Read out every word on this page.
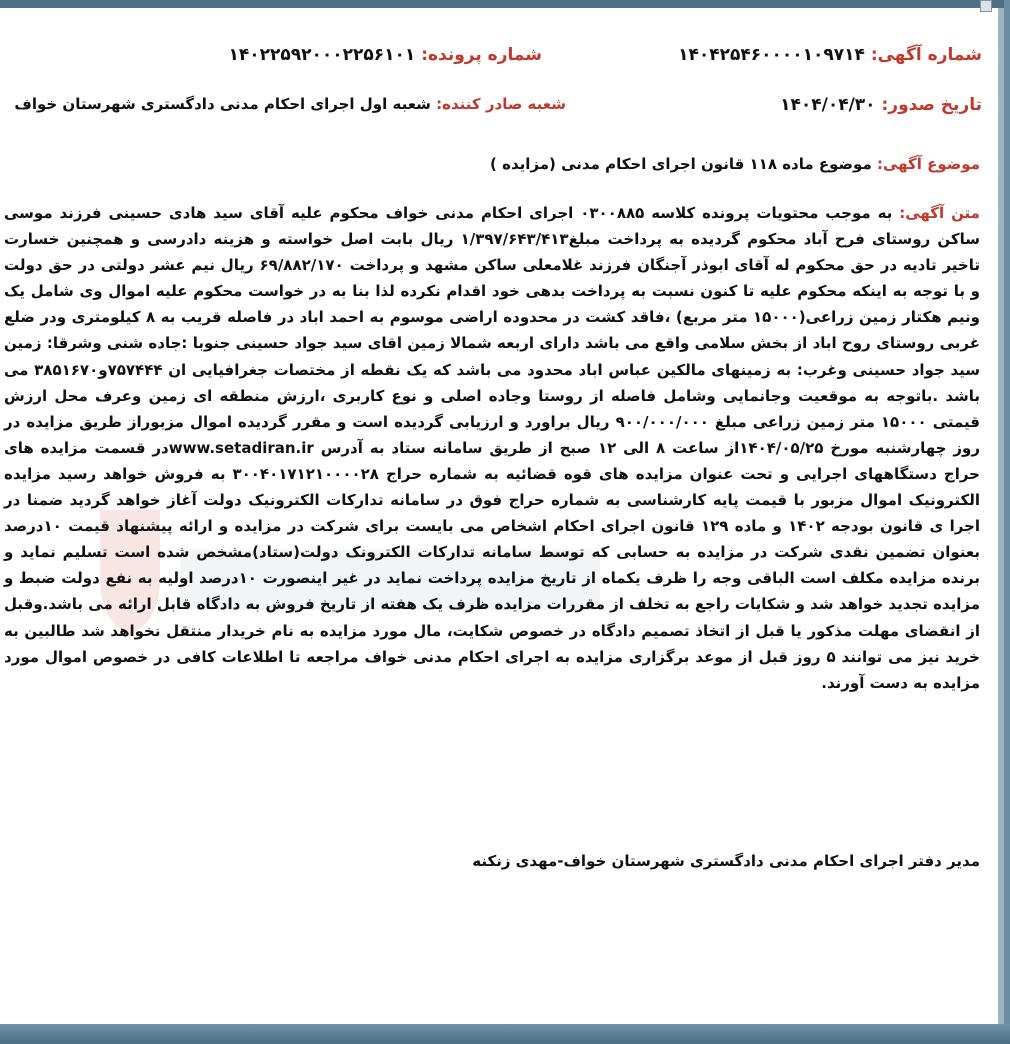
شماره آگهی: ۱۴۰۴۲۵۴۶۰۰۰۰۱۰۹۷۱۴
شماره پرونده: ۱۴۰۲۲۵۹۲۰۰۰۲۲۵۶۱۰۱
تاریخ صدور: ۱۴۰۴/۰۴/۳۰
شعبه صادر کننده: شعبه اول اجرای احکام مدنی دادگستری شهرستان خواف
موضوع آگهی: موضوع ماده ۱۱۸ قانون اجرای احکام مدنی (مزایده )
متن آگهی: به موجب محتویات پرونده کلاسه ۰۳۰۰۸۸۵ اجرای احکام مدنی خواف محکوم علیه آقای سید هادی حسینی فرزند موسی ساکن روستای فرح آباد محکوم گردیده به پرداخت مبلغ۱/۳۹۷/۶۴۳/۴۱۳ ریال بابت اصل خواسته و هزینه دادرسی و همچنین خسارت تاخیر تادیه در حق محکوم له آقای ابوذر آجنگان فرزند غلامعلی ساکن مشهد و پرداخت ۶۹/۸۸۲/۱۷۰ ریال نیم عشر دولتی در حق دولت و با توجه به اینکه محکوم علیه تا کنون نسبت به پرداخت بدهی خود اقدام نکرده لذا بنا به در خواست محکوم علیه اموال وی شامل یک ونیم هکتار زمین زراعی(۱۵۰۰۰ متر مربع) ،فاقد کشت در محدوده اراضی موسوم به احمد اباد در فاصله قریب به ۸ کیلومتری ودر ضلع غربی روستای روح اباد از بخش سلامی واقع می باشد دارای اربعه شمالا زمین اقای سید جواد حسینی جنوبا :جاده شنی وشرقا: زمین سید جواد حسینی وغرب: به زمینهای مالکین عباس اباد محدود می باشد که یک نقطه از مختصات جغرافیایی ان ۷۵۷۴۴۴و۳۸۵۱۶۷۰ می باشد .باتوجه به موقعیت وجانمایی وشامل فاصله از روستا وجاده اصلی و نوع کاربری ،ارزش منطقه ای زمین وعرف محل ارزش قیمتی ۱۵۰۰۰ متر زمین زراعی مبلغ ۹۰۰/۰۰۰/۰۰۰ ریال براورد و ارزیابی گردیده است و مقرر گردیده اموال مزبوراز طریق مزایده در روز چهارشنبه مورخ ۱۴۰۴/۰۵/۲۵از ساعت ۸ الی ۱۲ صبح از طریق سامانه ستاد به آدرس www.setadiran.irدر قسمت مزایده های حراج دستگاههای اجرایی و تحت عنوان مزایده های قوه قضائیه به شماره حراج ۳۰۰۴۰۱۷۱۲۱۰۰۰۰۲۸ به فروش خواهد رسید مزایده الکترونیک اموال مزبور با قیمت پایه کارشناسی به شماره حراج فوق در سامانه تدارکات الکترونیک دولت آغاز خواهد گردید ضمنا در اجرا ی قانون بودجه ۱۴۰۲ و ماده ۱۲۹ قانون اجرای احکام اشخاص می بایست برای شرکت در مزایده و ارائه پیشنهاد قیمت ۱۰درصد بعنوان تضمین نقدی شرکت در مزایده به حسابی که توسط سامانه تدارکات الکترونک دولت(ستاد)مشخص شده است تسلیم نماید و برنده مزایده مکلف است الباقی وجه را ظرف یکماه از تاریخ مزایده پرداخت نماید در غیر اینصورت ۱۰درصد اولیه به نفع دولت ضبط و مزایده تجدید خواهد شد و شکایات راجع به تخلف از مقررات مزایده ظرف یک هفته از تاریخ فروش به دادگاه قابل ارائه می باشد.وقبل از انقضای مهلت مذکور یا قبل از اتخاذ تصمیم دادگاه در خصوص شکایت، مال مورد مزایده به نام خریدار منتقل نخواهد شد طالبین به خرید نیز می توانند ۵ روز قبل از موعد برگزاری مزایده به اجرای احکام مدنی خواف مراجعه تا اطلاعات کافی در خصوص اموال مورد مزایده به دست آورند.
مدیر دفتر اجرای احکام مدنی دادگستری شهرستان خواف-مهدی زنکنه
